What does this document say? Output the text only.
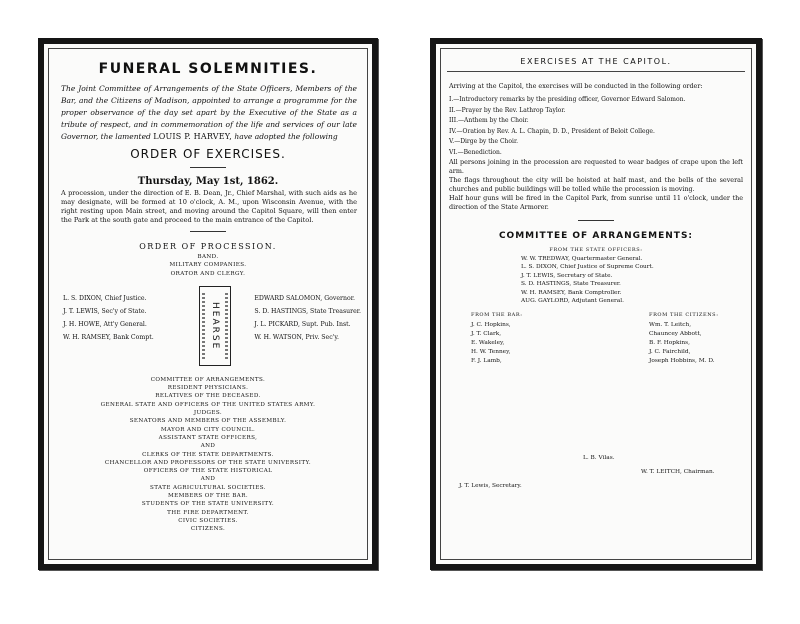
FUNERAL SOLEMNITIES.
The Joint Committee of Arrangements of the State Officers, Members of the Bar, and the Citizens of Madison, appointed to arrange a programme for the proper observance of the day set apart by the Executive of the State as a tribute of respect, and in commemoration of the life and services of our late Governor, the lamented LOUIS P. HARVEY, have adopted the following
ORDER OF EXERCISES.
Thursday, May 1st, 1862.
A procession, under the direction of E. B. Dean, Jr., Chief Marshal, with such aids as he may designate, will be formed at 10 o'clock, A. M., upon Wisconsin Avenue, with the right resting upon Main street, and moving around the Capitol Square, will then enter the Park at the south gate and proceed to the main entrance of the Capitol.
ORDER OF PROCESSION.
BAND.
MILITARY COMPANIES.
ORATOR AND CLERGY.
L. S. DIXON, Chief Justice.
J. T. LEWIS, Sec'y of State.
J. H. HOWE, Att'y General.
W. H. RAMSEY, Bank Compt.	HEARSE
EDWARD SALOMON, Governor.
S. D. HASTINGS, State Treasurer.
J. L. PICKARD, Supt. Pub. Inst.
W. H. WATSON, Priv. Sec'y.
COMMITTEE OF ARRANGEMENTS.
RESIDENT PHYSICIANS.
RELATIVES OF THE DECEASED.
GENERAL STATE AND OFFICERS OF THE UNITED STATES ARMY.
JUDGES.
SENATORS AND MEMBERS OF THE ASSEMBLY.
MAYOR AND CITY COUNCIL.
ASSISTANT STATE OFFICERS,
AND
CLERKS OF THE STATE DEPARTMENTS.
CHANCELLOR AND PROFESSORS OF THE STATE UNIVERSITY.
OFFICERS OF THE STATE HISTORICAL
AND
STATE AGRICULTURAL SOCIETIES.
MEMBERS OF THE BAR.
STUDENTS OF THE STATE UNIVERSITY.
THE FIRE DEPARTMENT.
CIVIC SOCIETIES.
CITIZENS.
EXERCISES AT THE CAPITOL.
Arriving at the Capitol, the exercises will be conducted in the following order:
I.—Introductory remarks by the presiding officer, Governor Edward Salomon.
II.—Prayer by the Rev. Lathrop Taylor.
III.—Anthem by the Choir.
IV.—Oration by Rev. A. L. Chapin, D. D., President of Beloit College.
V.—Dirge by the Choir.
VI.—Benediction.
All persons joining in the procession are requested to wear badges of crape upon the left arm.
The flags throughout the city will be hoisted at half mast, and the bells of the several churches and public buildings will be tolled while the procession is moving.
Half hour guns will be fired in the Capitol Park, from sunrise until 11 o'clock, under the direction of the State Armorer.
COMMITTEE OF ARRANGEMENTS:
FROM THE STATE OFFICERS:
W. W. TREDWAY, Quartermaster General.
L. S. DIXON, Chief Justice of Supreme Court.
J. T. LEWIS, Secretary of State.
S. D. HASTINGS, State Treasurer.
W. H. RAMSEY, Bank Comptroller.
AUG. GAYLORD, Adjutant General.
FROM THE BAR:
J. C. Hopkins,
J. T. Clark,
E. Wakeley,
H. W. Tenney,
F. J. Lamb,
FROM THE CITIZENS:
Wm. T. Leitch,
Chauncey Abbott,
B. F. Hopkins,
J. C. Fairchild,
Joseph Hobbins, M. D.
L. B. Vilas.
W. T. LEITCH, Chairman.
J. T. Lewis, Secretary.
